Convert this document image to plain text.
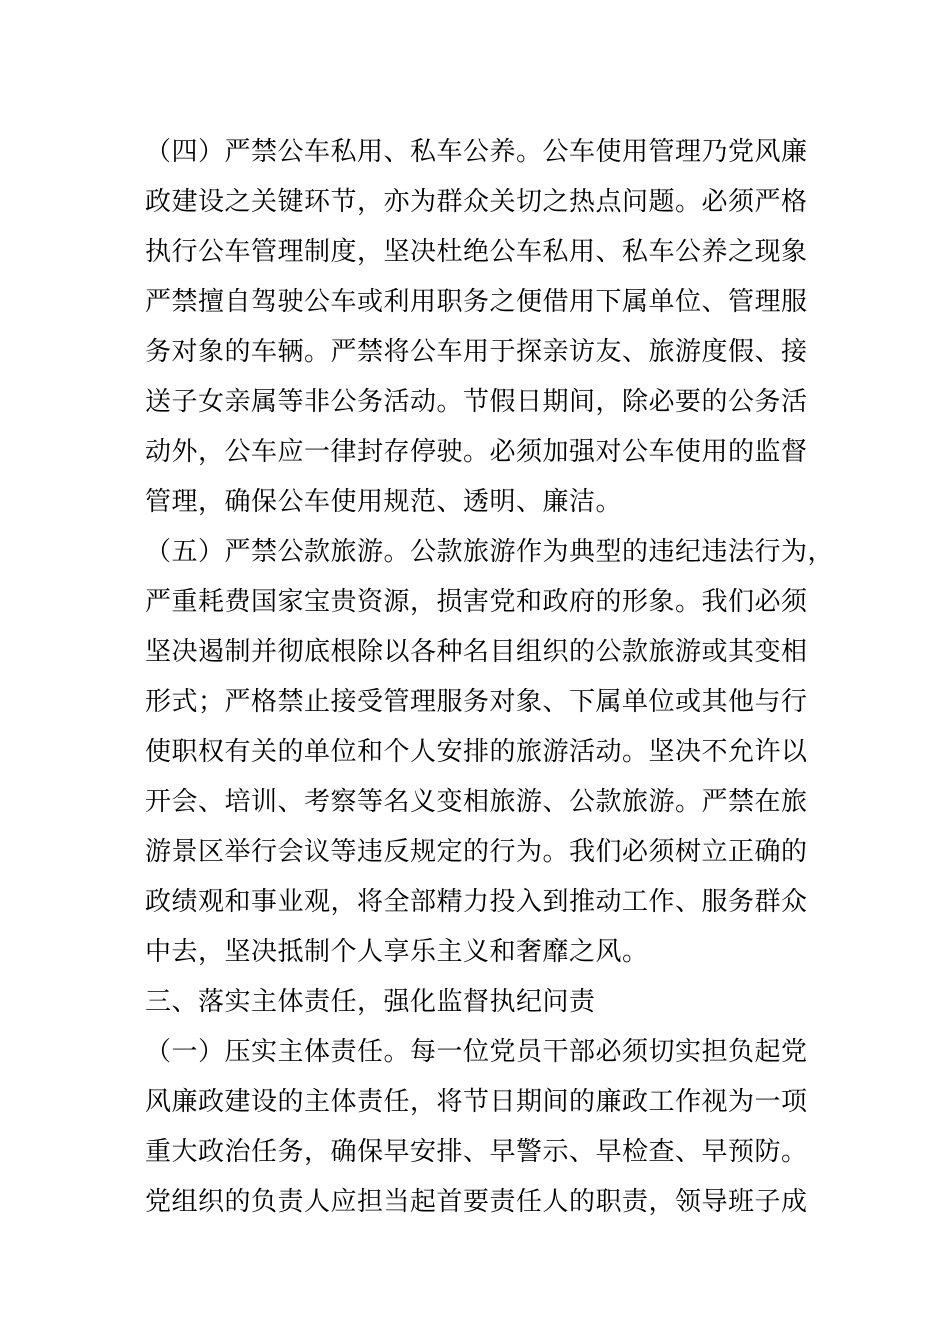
（四）严禁公车私用、私车公养。公车使用管理乃党风廉
政建设之关键环节，亦为群众关切之热点问题。必须严格
执行公车管理制度，坚决杜绝公车私用、私车公养之现象
严禁擅自驾驶公车或利用职务之便借用下属单位、管理服
务对象的车辆。严禁将公车用于探亲访友、旅游度假、接
送子女亲属等非公务活动。节假日期间，除必要的公务活
动外，公车应一律封存停驶。必须加强对公车使用的监督
管理，确保公车使用规范、透明、廉洁。
（五）严禁公款旅游。公款旅游作为典型的违纪违法行为，
严重耗费国家宝贵资源，损害党和政府的形象。我们必须
坚决遏制并彻底根除以各种名目组织的公款旅游或其变相
形式；严格禁止接受管理服务对象、下属单位或其他与行
使职权有关的单位和个人安排的旅游活动。坚决不允许以
开会、培训、考察等名义变相旅游、公款旅游。严禁在旅
游景区举行会议等违反规定的行为。我们必须树立正确的
政绩观和事业观，将全部精力投入到推动工作、服务群众
中去，坚决抵制个人享乐主义和奢靡之风。
三、落实主体责任，强化监督执纪问责
（一）压实主体责任。每一位党员干部必须切实担负起党
风廉政建设的主体责任，将节日期间的廉政工作视为一项
重大政治任务，确保早安排、早警示、早检查、早预防。
党组织的负责人应担当起首要责任人的职责，领导班子成
